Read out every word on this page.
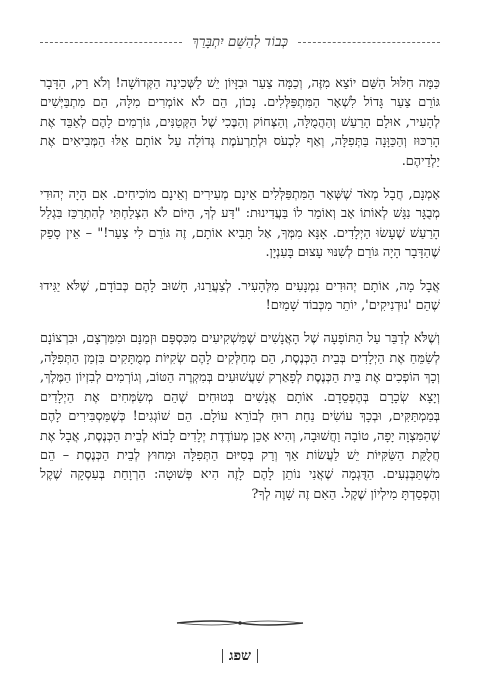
כְּבוֹד לְהַשֵּׁם יִתְבָּרַךְ

כַּמָּה חִלּוּל הַשֵּׁם יוֹצֵא מִזֶּה, וְכַמָּה צַעַר וּבִזָּיוֹן יֵשׁ לַשְּׁכִינָה הַקְּדוֹשָׁה! וְלֹא רַק, הַדָּבָר גּוֹרֵם צַעַר גָּדוֹל לִשְׁאָר הַמִּתְפַּלְּלִים. נָכוֹן, הֵם לֹא אוֹמְרִים מִלָּה, הֵם מִתְבַּיְּשִׁים לְהָעִיר, אוּלָם הָרַעַשׁ וְהַהֲמֻלָּה, וְהַצְּחוֹק וְהַבֶּכִי שֶׁל הַקְּטַנִּים, גּוֹרְמִים לָהֶם לְאַבֵּד אֶת הָרִכּוּז וְהַכַּוָּנָה בַּתְּפִלָּה, וְאַף לִכְעֹס וּלְתַרְעֹמֶת גְּדוֹלָה עַל אוֹתָם אֵלּוּ הַמְּבִיאִים אֶת יַלְדֵיהֶם.

אָמְנָם, חֲבָל מְאֹד שֶׁשְּׁאָר הַמִּתְפַּלְּלִים אֵינָם מְעִירִים וְאֵינָם מוֹכִיחִים. אִם הָיָה יְהוּדִי מְבֻגָּר נִגָּשׁ לְאוֹתוֹ אָב וְאוֹמֵר לוֹ בַּעֲדִינוּת: "דַּע לְךָ, הַיּוֹם לֹא הִצְלַחְתִּי לְהִתְרַכֵּז בִּגְלַל הָרַעַשׁ שֶׁעָשׂוּ הַיְלָדִים. אָנָּא מִמְּךָ, אַל תָּבִיא אוֹתָם, זֶה גּוֹרֵם לִי צַעַר!" – אֵין סָפֵק שֶׁהַדָּבָר הָיָה גּוֹרֵם לְשִׁנּוּי עָצוּם בָּעִנְיָן.

אֲבָל מָה, אוֹתָם יְהוּדִים נִמְנָעִים מִלְּהָעִיר. לְצַעֲרֵנוּ, חָשׁוּב לָהֶם כְּבוֹדָם, שֶׁלֹּא יַגִּידוּ שֶׁהֵם 'נוּדְנִיקִים', יוֹתֵר מִכְּבוֹד שָׁמַיִם!

וְשֶׁלֹּא לְדַבֵּר עַל הַתּוֹפָעָה שֶׁל הָאֲנָשִׁים שֶׁמַּשְׁקִיעִים מִכִּסְפָּם וּזְמַנָּם וּמִמַּרְצָם, וּבִרְצוֹנָם לְשַׂמֵּחַ אֶת הַיְלָדִים בְּבֵית הַכְּנֶסֶת, הֵם מְחַלְּקִים לָהֶם שְׂקִיּוֹת מְמֻתָּקִים בִּזְמַן הַתְּפִלָּה, וְכָךְ הוֹפְכִים אֶת בֵּית הַכְּנֶסֶת לְפָאַרְק שַׁעֲשׁוּעִים בְּמִקְרֶה הַטּוֹב, וְגוֹרְמִים לְבִזְיוֹן הַמֶּלֶךְ, וְיָצָא שְׂכָרָם בְּהֶפְסֵדָם. אוֹתָם אֲנָשִׁים בְּטוּחִים שֶׁהֵם מְשַׂמְּחִים אֶת הַיְלָדִים בְּמַמְתַּקִּים, וּבְכָךְ עוֹשִׂים נַחַת רוּחַ לְבוֹרֵא עוֹלָם. הֵם שׁוֹגְגִים! כְּשֶׁמַּסְבִּירִים לָהֶם שֶׁהַמִּצְוָה יָפָה, טוֹבָה וַחֲשׁוּבָה, וְהִיא אָכֵן מְעוֹדֶדֶת יְלָדִים לָבוֹא לְבֵית הַכְּנֶסֶת, אֲבָל אֶת חֲלֻקַּת הַשַּׂקִּיּוֹת יֵשׁ לַעֲשׂוֹת אַךְ וְרַק בְּסִיּוּם הַתְּפִלָּה וּמִחוּץ לְבֵית הַכְּנֶסֶת – הֵם מִשְׁתַּבְּנְעִים. הַדֻּגְמָה שֶׁאֲנִי נוֹתֵן לָהֶם לָזֶה הִיא פְּשׁוּטָה: הַרְוָחַת בְּעִסְקָה שֶׁקֶל וְהֶפְסֵדְתָּ מִילְיוֹן שֶׁקֶל. הַאִם זֶה שָׁוֶה לְךָ?

שפג
